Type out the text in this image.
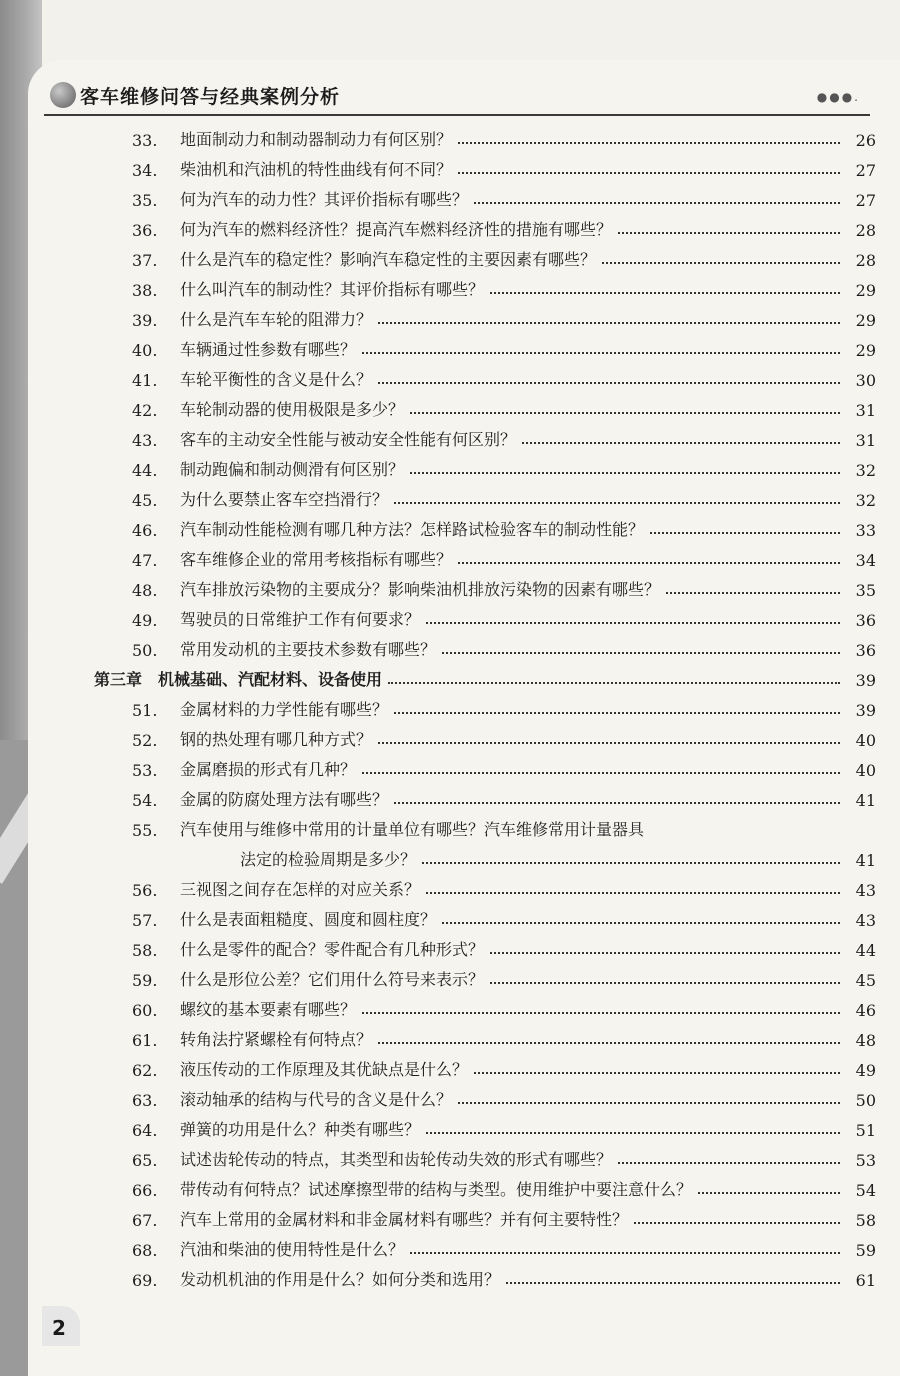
客车维修问答与经典案例分析	●●●.
33.	地面制动力和制动器制动力有何区别？	26
34.	柴油机和汽油机的特性曲线有何不同？	27
35.	何为汽车的动力性？其评价指标有哪些？	27
36.	何为汽车的燃料经济性？提高汽车燃料经济性的措施有哪些？	28
37.	什么是汽车的稳定性？影响汽车稳定性的主要因素有哪些？	28
38.	什么叫汽车的制动性？其评价指标有哪些？	29
39.	什么是汽车车轮的阻滞力？	29
40.	车辆通过性参数有哪些？	29
41.	车轮平衡性的含义是什么？	30
42.	车轮制动器的使用极限是多少？	31
43.	客车的主动安全性能与被动安全性能有何区别？	31
44.	制动跑偏和制动侧滑有何区别？	32
45.	为什么要禁止客车空挡滑行？	32
46.	汽车制动性能检测有哪几种方法？怎样路试检验客车的制动性能？	33
47.	客车维修企业的常用考核指标有哪些？	34
48.	汽车排放污染物的主要成分？影响柴油机排放污染物的因素有哪些？	35
49.	驾驶员的日常维护工作有何要求？	36
50.	常用发动机的主要技术参数有哪些？	36
第三章　机械基础、汽配材料、设备使用	39
51.	金属材料的力学性能有哪些？	39
52.	钢的热处理有哪几种方式？	40
53.	金属磨损的形式有几种？	40
54.	金属的防腐处理方法有哪些？	41
55.	汽车使用与维修中常用的计量单位有哪些？汽车维修常用计量器具
法定的检验周期是多少？	41
56.	三视图之间存在怎样的对应关系？	43
57.	什么是表面粗糙度、圆度和圆柱度？	43
58.	什么是零件的配合？零件配合有几种形式？	44
59.	什么是形位公差？它们用什么符号来表示？	45
60.	螺纹的基本要素有哪些？	46
61.	转角法拧紧螺栓有何特点？	48
62.	液压传动的工作原理及其优缺点是什么？	49
63.	滚动轴承的结构与代号的含义是什么？	50
64.	弹簧的功用是什么？种类有哪些？	51
65.	试述齿轮传动的特点，其类型和齿轮传动失效的形式有哪些？	53
66.	带传动有何特点？试述摩擦型带的结构与类型。使用维护中要注意什么？	54
67.	汽车上常用的金属材料和非金属材料有哪些？并有何主要特性？	58
68.	汽油和柴油的使用特性是什么？	59
69.	发动机机油的作用是什么？如何分类和选用？	61
2
